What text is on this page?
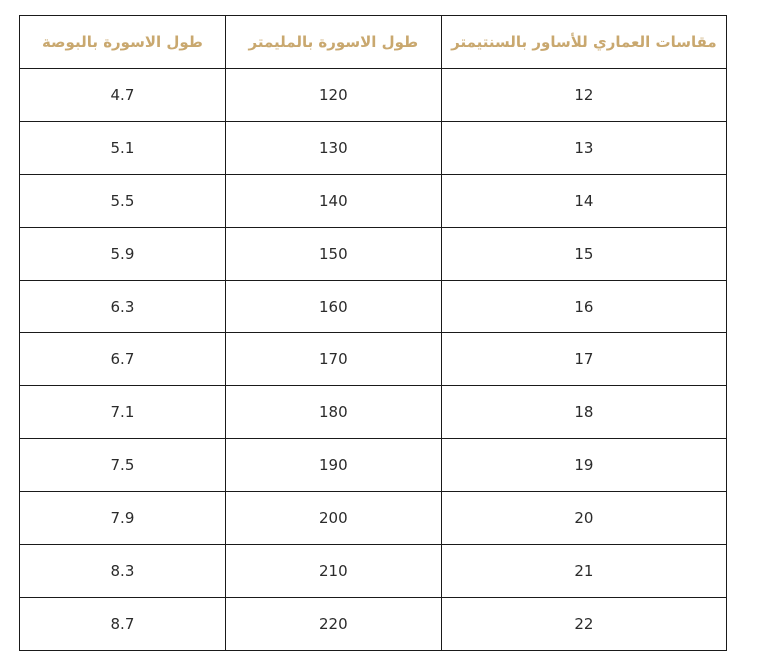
مقاسات العماري للأساور بالسنتيمتر	طول الاسورة بالمليمتر	طول الاسورة بالبوصة
12	120	4.7
13	130	5.1
14	140	5.5
15	150	5.9
16	160	6.3
17	170	6.7
18	180	7.1
19	190	7.5
20	200	7.9
21	210	8.3
22	220	8.7
